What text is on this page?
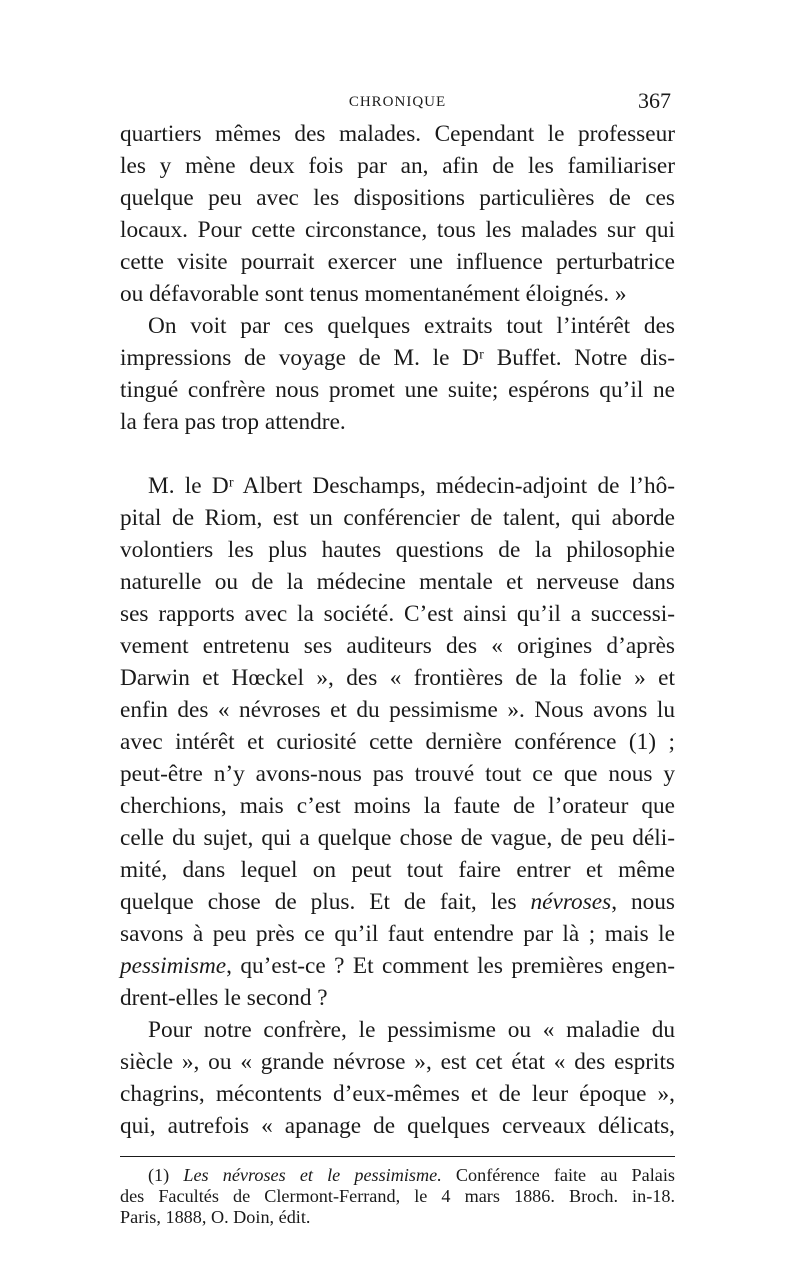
CHRONIQUE	367

quartiers mêmes des malades. Cependant le professeur
les y mène deux fois par an, afin de les familiariser
quelque peu avec les dispositions particulières de ces
locaux. Pour cette circonstance, tous les malades sur qui
cette visite pourrait exercer une influence perturbatrice
ou défavorable sont tenus momentanément éloignés. »

On voit par ces quelques extraits tout l’intérêt des
impressions de voyage de M. le Dʳ Buffet. Notre dis-
tingué confrère nous promet une suite; espérons qu’il ne
la fera pas trop attendre.

M. le Dʳ Albert Deschamps, médecin-adjoint de l’hô-
pital de Riom, est un conférencier de talent, qui aborde
volontiers les plus hautes questions de la philosophie
naturelle ou de la médecine mentale et nerveuse dans
ses rapports avec la société. C’est ainsi qu’il a successi-
vement entretenu ses auditeurs des « origines d’après
Darwin et Hœckel », des « frontières de la folie » et
enfin des « névroses et du pessimisme ». Nous avons lu
avec intérêt et curiosité cette dernière conférence (1) ;
peut-être n’y avons-nous pas trouvé tout ce que nous y
cherchions, mais c’est moins la faute de l’orateur que
celle du sujet, qui a quelque chose de vague, de peu déli-
mité, dans lequel on peut tout faire entrer et même
quelque chose de plus. Et de fait, les névroses, nous
savons à peu près ce qu’il faut entendre par là ; mais le
pessimisme, qu’est-ce ? Et comment les premières engen-
drent-elles le second ?

Pour notre confrère, le pessimisme ou « maladie du
siècle », ou « grande névrose », est cet état « des esprits
chagrins, mécontents d’eux-mêmes et de leur époque »,
qui, autrefois « apanage de quelques cerveaux délicats,

(1) Les névroses et le pessimisme. Conférence faite au Palais
des Facultés de Clermont-Ferrand, le 4 mars 1886. Broch. in-18.
Paris, 1888, O. Doin, édit.
